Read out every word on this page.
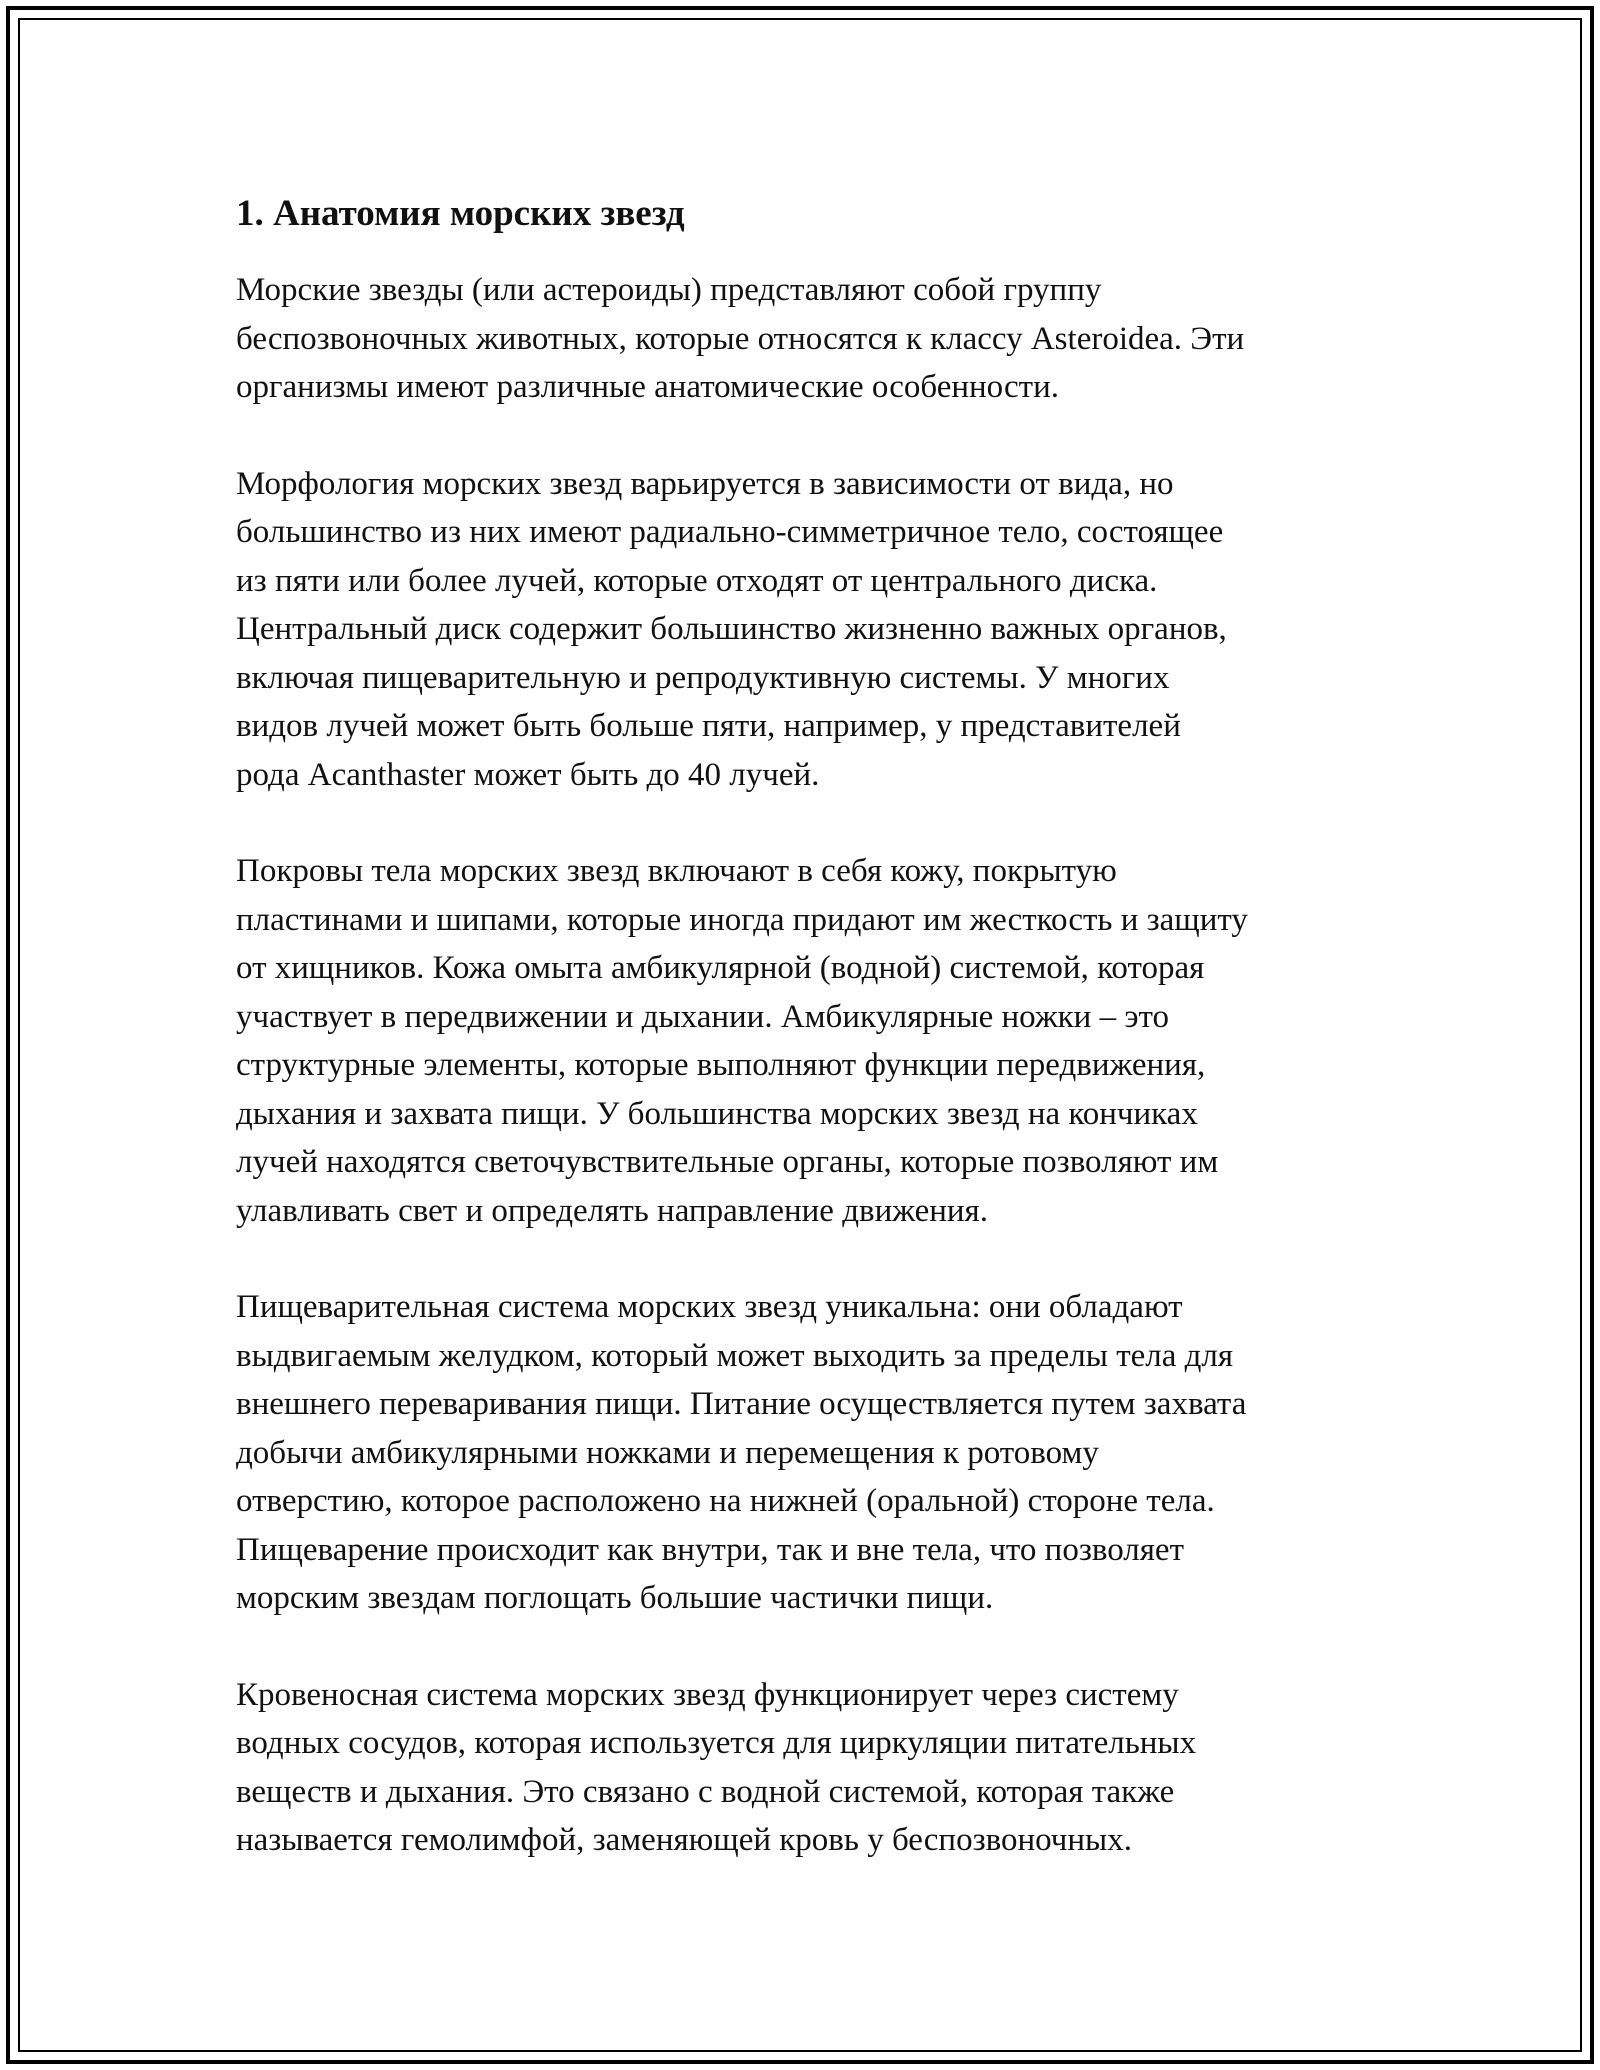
1. Анатомия морских звезд

Морские звезды (или астероиды) представляют собой группу
беспозвоночных животных, которые относятся к классу Asteroidea. Эти
организмы имеют различные анатомические особенности.

Морфология морских звезд варьируется в зависимости от вида, но
большинство из них имеют радиально-симметричное тело, состоящее
из пяти или более лучей, которые отходят от центрального диска.
Центральный диск содержит большинство жизненно важных органов,
включая пищеварительную и репродуктивную системы. У многих
видов лучей может быть больше пяти, например, у представителей
рода Acanthaster может быть до 40 лучей.

Покровы тела морских звезд включают в себя кожу, покрытую
пластинами и шипами, которые иногда придают им жесткость и защиту
от хищников. Кожа омыта амбикулярной (водной) системой, которая
участвует в передвижении и дыхании. Амбикулярные ножки – это
структурные элементы, которые выполняют функции передвижения,
дыхания и захвата пищи. У большинства морских звезд на кончиках
лучей находятся светочувствительные органы, которые позволяют им
улавливать свет и определять направление движения.

Пищеварительная система морских звезд уникальна: они обладают
выдвигаемым желудком, который может выходить за пределы тела для
внешнего переваривания пищи. Питание осуществляется путем захвата
добычи амбикулярными ножками и перемещения к ротовому
отверстию, которое расположено на нижней (оральной) стороне тела.
Пищеварение происходит как внутри, так и вне тела, что позволяет
морским звездам поглощать большие частички пищи.

Кровеносная система морских звезд функционирует через систему
водных сосудов, которая используется для циркуляции питательных
веществ и дыхания. Это связано с водной системой, которая также
называется гемолимфой, заменяющей кровь у беспозвоночных.
